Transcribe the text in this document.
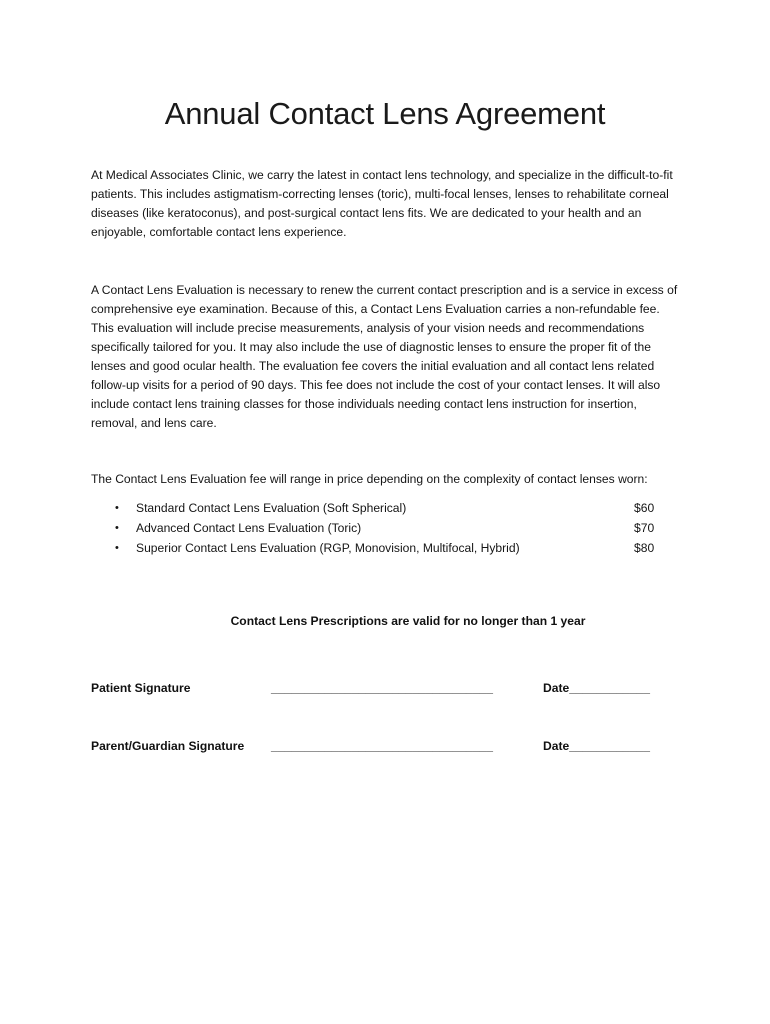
Annual Contact Lens Agreement

At Medical Associates Clinic, we carry the latest in contact lens technology, and specialize in the difficult-to-fit patients. This includes astigmatism-correcting lenses (toric), multi-focal lenses, lenses to rehabilitate corneal diseases (like keratoconus), and post-surgical contact lens fits. We are dedicated to your health and an enjoyable, comfortable contact lens experience.

A Contact Lens Evaluation is necessary to renew the current contact prescription and is a service in excess of comprehensive eye examination. Because of this, a Contact Lens Evaluation carries a non-refundable fee. This evaluation will include precise measurements, analysis of your vision needs and recommendations specifically tailored for you. It may also include the use of diagnostic lenses to ensure the proper fit of the lenses and good ocular health. The evaluation fee covers the initial evaluation and all contact lens related follow-up visits for a period of 90 days. This fee does not include the cost of your contact lenses. It will also include contact lens training classes for those individuals needing contact lens instruction for insertion, removal, and lens care.

The Contact Lens Evaluation fee will range in price depending on the complexity of contact lenses worn:

• Standard Contact Lens Evaluation (Soft Spherical)	$60
• Advanced Contact Lens Evaluation (Toric)	$70
• Superior Contact Lens Evaluation (RGP, Monovision, Multifocal, Hybrid)	$80

Contact Lens Prescriptions are valid for no longer than 1 year

Patient Signature	_________________________________	Date____________
Parent/Guardian Signature _________________________________	Date____________
